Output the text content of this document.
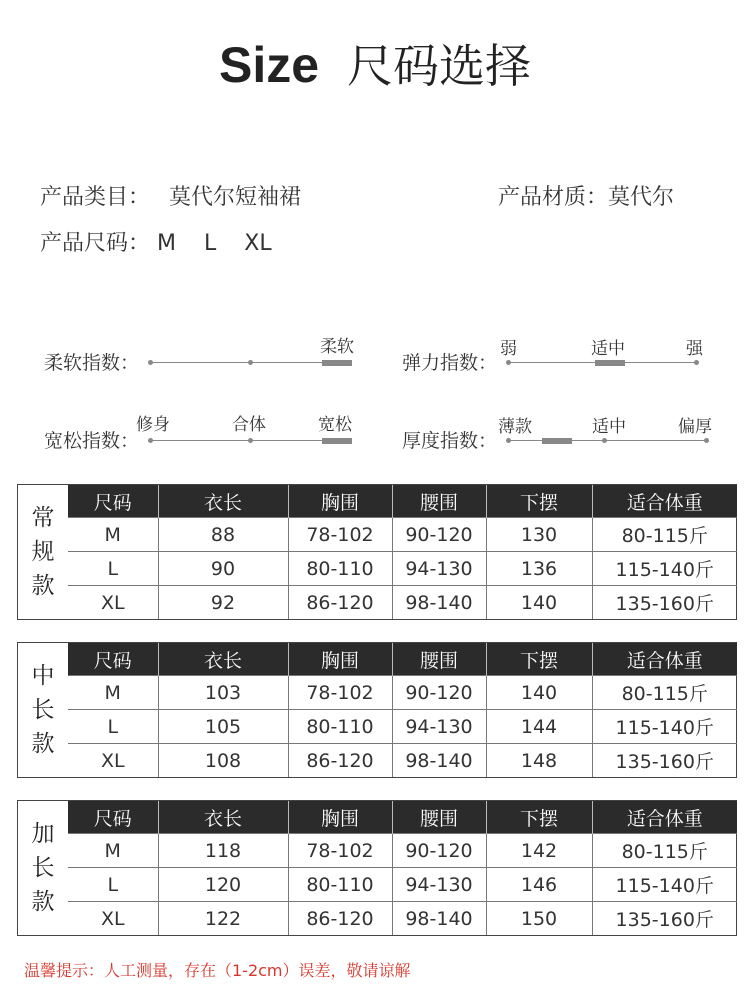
Size 尺码选择
产品类目： 莫代尔短袖裙	产品材质：莫代尔
产品尺码： M L XL
柔软指数：
柔软
弹力指数：
弱	适中	强
宽松指数：
修身	合体	宽松
厚度指数：
薄款	适中	偏厚
常
规
款
尺码	衣长	胸围	腰围	下摆	适合体重
M	88	78-102	90-120	130	80-115斤
L	90	80-110	94-130	136	115-140斤
XL	92	86-120	98-140	140	135-160斤
中
长
款
尺码	衣长	胸围	腰围	下摆	适合体重
M	103	78-102	90-120	140	80-115斤
L	105	80-110	94-130	144	115-140斤
XL	108	86-120	98-140	148	135-160斤
加
长
款
尺码	衣长	胸围	腰围	下摆	适合体重
M	118	78-102	90-120	142	80-115斤
L	120	80-110	94-130	146	115-140斤
XL	122	86-120	98-140	150	135-160斤
温馨提示：人工测量，存在（1-2cm）误差，敬请谅解
